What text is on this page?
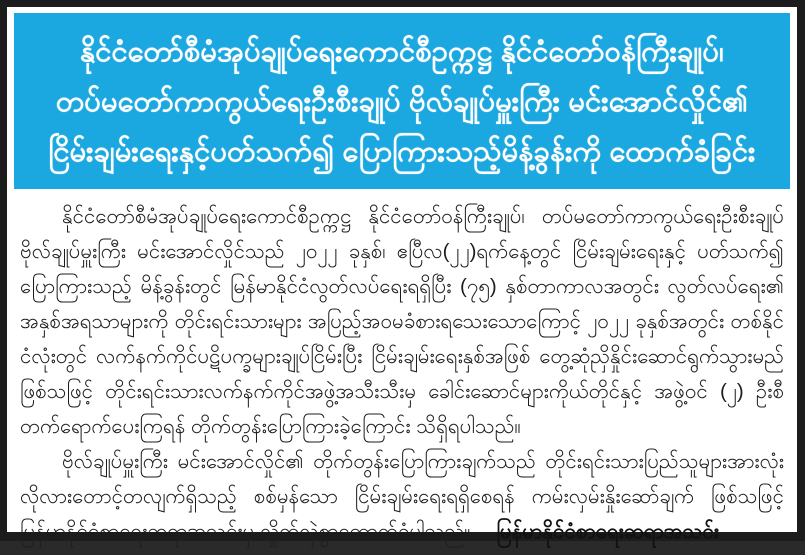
နိုင်ငံတော်စီမံအုပ်ချုပ်ရေးကောင်စီဥက္ကဋ္ဌ နိုင်ငံတော်ဝန်ကြီးချုပ်၊
တပ်မတော်ကာကွယ်ရေးဦးစီးချုပ် ဗိုလ်ချုပ်မှူးကြီး မင်းအောင်လှိုင်၏
ငြိမ်းချမ်းရေးနှင့်ပတ်သက်၍ ပြောကြားသည့်မိန့်ခွန်းကို ထောက်ခံခြင်း

နိုင်ငံတော်စီမံအုပ်ချုပ်ရေးကောင်စီဥက္ကဋ္ဌ နိုင်ငံတော်ဝန်ကြီးချုပ်၊ တပ်မတော်ကာကွယ်ရေးဦးစီးချုပ် ဗိုလ်ချုပ်မှူးကြီး မင်းအောင်လှိုင်သည် ၂၀၂၂ ခုနှစ်၊ ဧပြီလ(၂၂)ရက်နေ့တွင် ငြိမ်းချမ်းရေးနှင့် ပတ်သက်၍ ပြောကြားသည့် မိန့်ခွန်းတွင် မြန်မာနိုင်ငံလွတ်လပ်ရေးရရှိပြီး (၇၅) နှစ်တာကာလအတွင်း လွတ်လပ်ရေး၏ အနှစ်အရသာများကို တိုင်းရင်းသားများ အပြည့်အဝမခံစားရသေးသောကြောင့် ၂၀၂၂ ခုနှစ်အတွင်း တစ်နိုင်ငံလုံးတွင် လက်နက်ကိုင်ပဋိပက္ခများချုပ်ငြိမ်းပြီး ငြိမ်းချမ်းရေးနှစ်အဖြစ် တွေ့ဆုံညှိနှိုင်းဆောင်ရွက်သွားမည်ဖြစ်သဖြင့် တိုင်းရင်းသားလက်နက်ကိုင်အဖွဲ့အသီးသီးမှ ခေါင်းဆောင်များကိုယ်တိုင်နှင့် အဖွဲ့ဝင် (၂) ဦးစီ တက်ရောက်ပေးကြရန် တိုက်တွန်းပြောကြားခဲ့ကြောင်း သိရှိရပါသည်။

ဗိုလ်ချုပ်မှူးကြီး မင်းအောင်လှိုင်၏ တိုက်တွန်းပြောကြားချက်သည် တိုင်းရင်းသားပြည်သူများအားလုံး လိုလားတောင့်တလျက်ရှိသည့် စစ်မှန်သော ငြိမ်းချမ်းရေးရရှိစေရန် ကမ်းလှမ်းနှိုးဆော်ချက် ဖြစ်သဖြင့် မြန်မာနိုင်ငံစာရေးဆရာအသင်းမှ လှိုက်လှဲစွာထောက်ခံပါသည်။ မြန်မာနိုင်ငံစာရေးဆရာအသင်း
